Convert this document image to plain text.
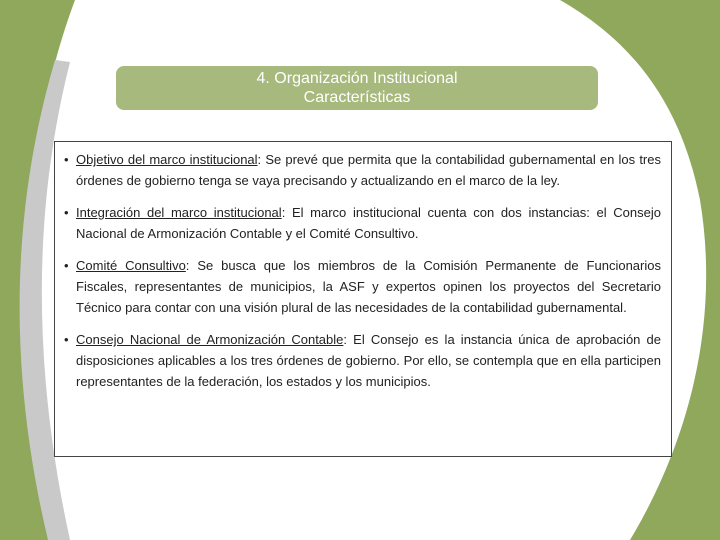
4. Organización Institucional
Características
• Objetivo del marco institucional: Se prevé que permita que la contabilidad gubernamental en los tres órdenes de gobierno tenga se vaya precisando y actualizando en el marco de la ley.
• Integración del marco institucional: El marco institucional cuenta con dos instancias: el Consejo Nacional de Armonización Contable y el Comité Consultivo.
• Comité Consultivo: Se busca que los miembros de la Comisión Permanente de Funcionarios Fiscales, representantes de municipios, la ASF y expertos opinen los proyectos del Secretario Técnico para contar con una visión plural de las necesidades de la contabilidad gubernamental.
• Consejo Nacional de Armonización Contable: El Consejo es la instancia única de aprobación de disposiciones aplicables a los tres órdenes de gobierno. Por ello, se contempla que en ella participen representantes de la federación, los estados y los municipios.
